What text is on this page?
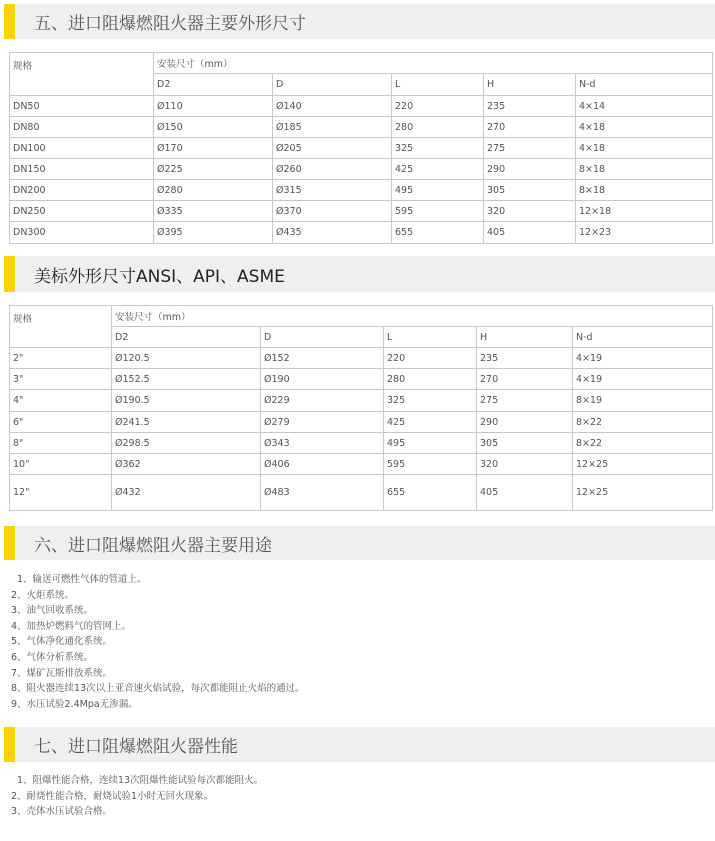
五、进口阻爆燃阻火器主要外形尺寸
规格	安装尺寸（mm）				
	D2	D	L	H	N-d
DN50	Ø110	Ø140	220	235	4×14
DN80	Ø150	Ø185	280	270	4×18
DN100	Ø170	Ø205	325	275	4×18
DN150	Ø225	Ø260	425	290	8×18
DN200	Ø280	Ø315	495	305	8×18
DN250	Ø335	Ø370	595	320	12×18
DN300	Ø395	Ø435	655	405	12×23
美标外形尺寸ANSI、API、ASME
规格	安装尺寸（mm）				
	D2	D	L	H	N-d
2"	Ø120.5	Ø152	220	235	4×19
3"	Ø152.5	Ø190	280	270	4×19
4"	Ø190.5	Ø229	325	275	8×19
6"	Ø241.5	Ø279	425	290	8×22
8"	Ø298.5	Ø343	495	305	8×22
10"	Ø362	Ø406	595	320	12×25
12"	Ø432	Ø483	655	405	12×25
六、进口阻爆燃阻火器主要用途
1、输送可燃性气体的管道上。
2、火炬系统。
3、油气回收系统。
4、加热炉燃料气的管网上。
5、气体净化通化系统。
6、气体分析系统。
7、煤矿瓦斯排放系统。
8、阻火器连续13次以上亚音速火焰试验，每次都能阻止火焰的通过。
9、水压试验2.4Mpa无渗漏。
七、进口阻爆燃阻火器性能
1、阻爆性能合格，连续13次阻爆性能试验每次都能阻火。
2、耐烧性能合格，耐烧试验1小时无回火现象。
3、壳体水压试验合格。
